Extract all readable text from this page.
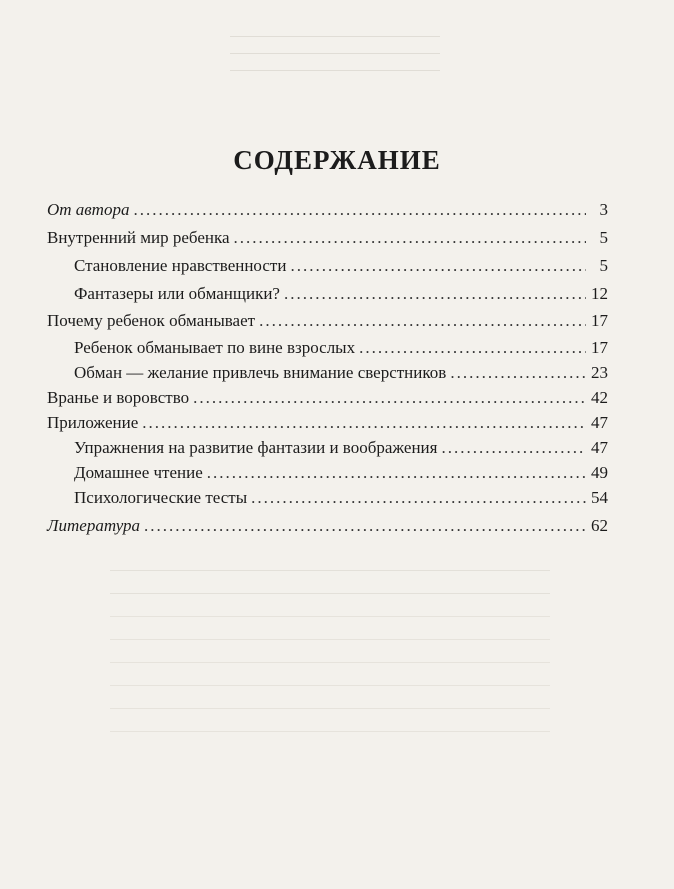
СОДЕРЖАНИЕ
От автора .....	3
Внутренний мир ребенка .....	5
Становление нравственности .....	5
Фантазеры или обманщики? .....	12
Почему ребенок обманывает .....	17
Ребенок обманывает по вине взрослых .....	17
Обман — желание привлечь внимание сверстников .....	23
Вранье и воровство .....	42
Приложение .....	47
Упражнения на развитие фантазии и воображения .....	47
Домашнее чтение .....	49
Психологические тесты .....	54
Литература .....	62
